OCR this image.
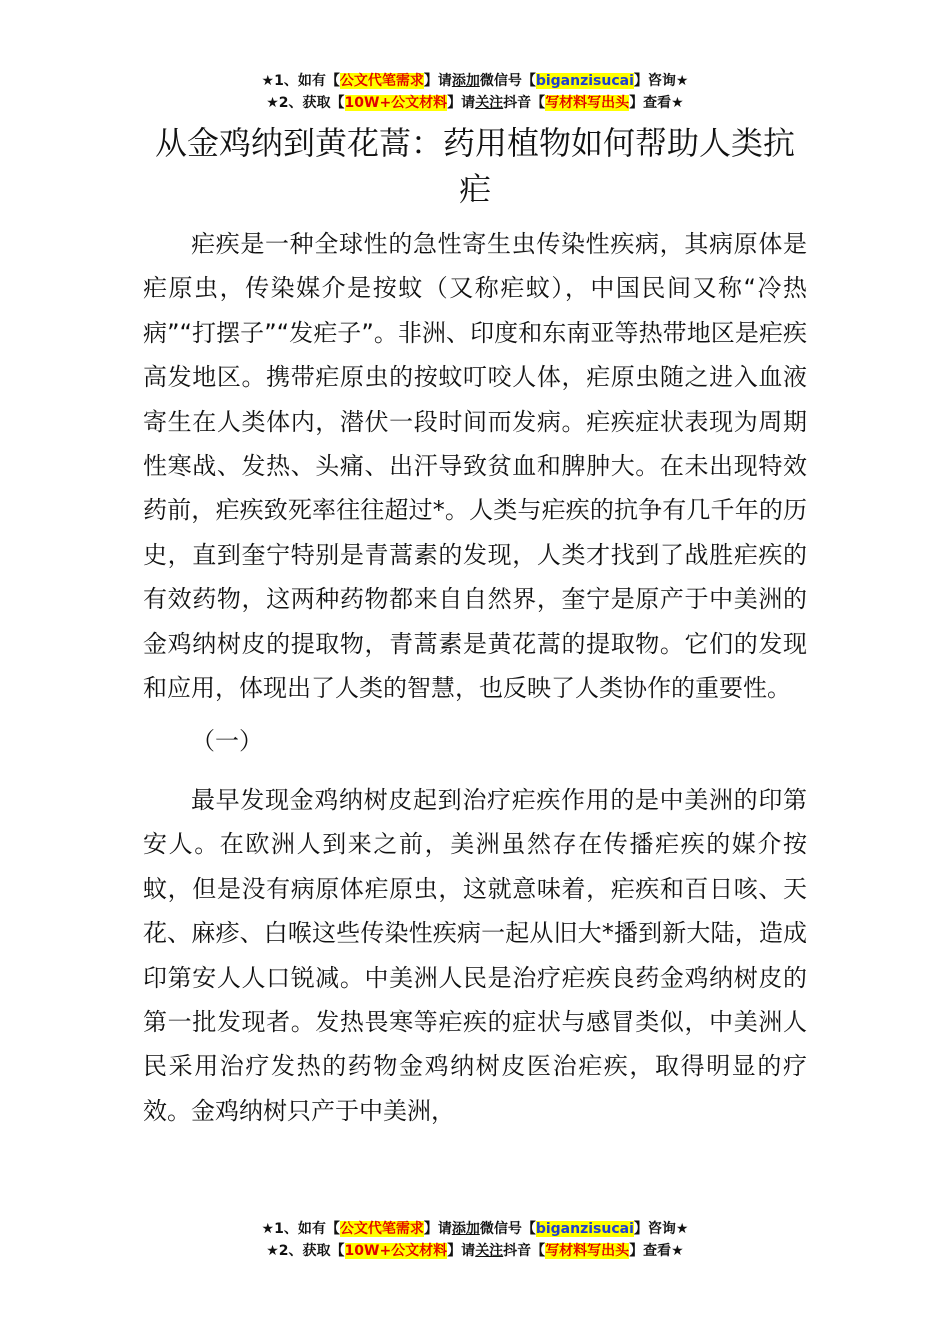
★1、如有【公文代笔需求】请添加微信号【biganzisucai】咨询★
★2、获取【10W+公文材料】请关注抖音【写材料写出头】查看★
从金鸡纳到黄花蒿：药用植物如何帮助人类抗疟

疟疾是一种全球性的急性寄生虫传染性疾病，其病原体是疟原虫，传染媒介是按蚊（又称疟蚊），中国民间又称“冷热病”“打摆子”“发疟子”。非洲、印度和东南亚等热带地区是疟疾高发地区。携带疟原虫的按蚊叮咬人体，疟原虫随之进入血液寄生在人类体内，潜伏一段时间而发病。疟疾症状表现为周期性寒战、发热、头痛、出汗导致贫血和脾肿大。在未出现特效药前，疟疾致死率往往超过*。人类与疟疾的抗争有几千年的历史，直到奎宁特别是青蒿素的发现，人类才找到了战胜疟疾的有效药物，这两种药物都来自自然界，奎宁是原产于中美洲的金鸡纳树皮的提取物，青蒿素是黄花蒿的提取物。它们的发现和应用，体现出了人类的智慧，也反映了人类协作的重要性。

（一）

最早发现金鸡纳树皮起到治疗疟疾作用的是中美洲的印第安人。在欧洲人到来之前，美洲虽然存在传播疟疾的媒介按蚊，但是没有病原体疟原虫，这就意味着，疟疾和百日咳、天花、麻疹、白喉这些传染性疾病一起从旧大*播到新大陆，造成印第安人人口锐减。中美洲人民是治疗疟疾良药金鸡纳树皮的第一批发现者。发热畏寒等疟疾的症状与感冒类似，中美洲人民采用治疗发热的药物金鸡纳树皮医治疟疾，取得明显的疗效。金鸡纳树只产于中美洲，

★1、如有【公文代笔需求】请添加微信号【biganzisucai】咨询★
★2、获取【10W+公文材料】请关注抖音【写材料写出头】查看★
